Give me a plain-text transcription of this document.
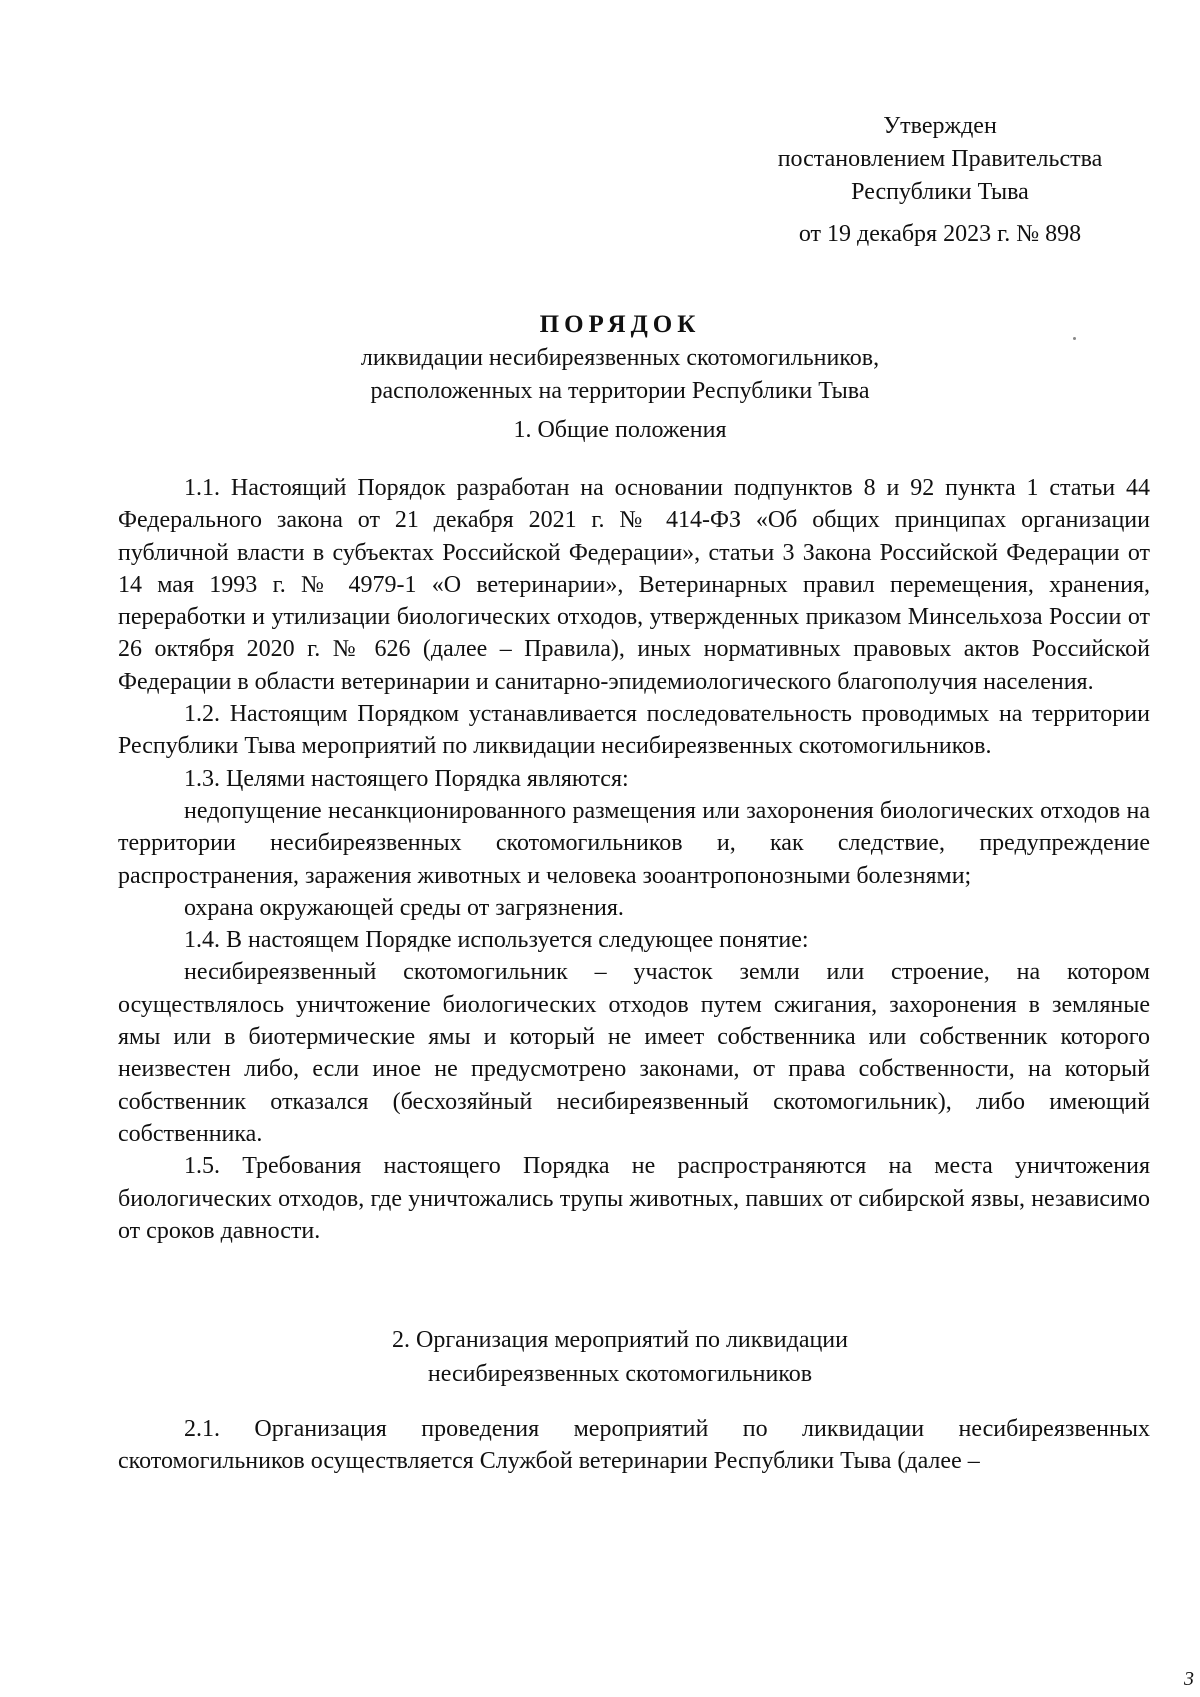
Утвержден
постановлением Правительства
Республики Тыва
от 19 декабря 2023 г. № 898
ПОРЯДОК
ликвидации несибиреязвенных скотомогильников,
расположенных на территории Республики Тыва
1. Общие положения

1.1. Настоящий Порядок разработан на основании подпунктов 8 и 92 пункта 1 статьи 44 Федерального закона от 21 декабря 2021 г. № 414-ФЗ «Об общих принципах организации публичной власти в субъектах Российской Федерации», статьи 3 Закона Российской Федерации от 14 мая 1993 г. № 4979-1 «О ветеринарии», Ветеринарных правил перемещения, хранения, переработки и утилизации биологических отходов, утвержденных приказом Минсельхоза России от 26 октября 2020 г. № 626 (далее – Правила), иных нормативных правовых актов Российской Федерации в области ветеринарии и санитарно-эпидемиологического благополучия населения.

1.2. Настоящим Порядком устанавливается последовательность проводимых на территории Республики Тыва мероприятий по ликвидации несибиреязвенных скотомогильников.

1.3. Целями настоящего Порядка являются:

недопущение несанкционированного размещения или захоронения биологических отходов на территории несибиреязвенных скотомогильников и, как следствие, предупреждение распространения, заражения животных и человека зооантропонозными болезнями;

охрана окружающей среды от загрязнения.

1.4. В настоящем Порядке используется следующее понятие:

несибиреязвенный скотомогильник – участок земли или строение, на котором осуществлялось уничтожение биологических отходов путем сжигания, захоронения в земляные ямы или в биотермические ямы и который не имеет собственника или собственник которого неизвестен либо, если иное не предусмотрено законами, от права собственности, на который собственник отказался (бесхозяйный несибиреязвенный скотомогильник), либо имеющий собственника.

1.5. Требования настоящего Порядка не распространяются на места уничтожения биологических отходов, где уничтожались трупы животных, павших от сибирской язвы, независимо от сроков давности.

2. Организация мероприятий по ликвидации
несибиреязвенных скотомогильников

2.1. Организация проведения мероприятий по ликвидации несибиреязвенных скотомогильников осуществляется Службой ветеринарии Республики Тыва (далее –

3
